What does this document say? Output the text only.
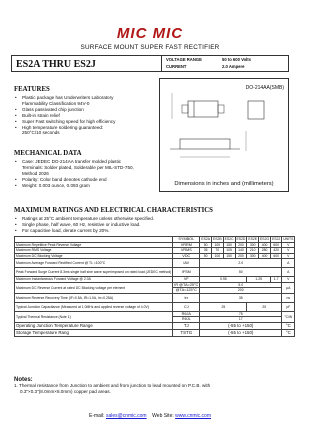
MIC MIC
SURFACE MOUNT SUPER FAST RECTIFIER
ES2A THRU ES2J	VOLTAGE RANGE	50 to 600 Volts
CURRENT	2.0 Ampere
FEATURES
• Plastic package has Underwriters Laboratory
Flammability Classification 94V-0
• Glass passivated chip junction
• Built-in strain relief
• Super Fast switching speed for high efficiency
• High temperature soldering guaranteed:
250°C/10 seconds
DO-214AA(SMB)
Dimensions in inches and (millimeters)
MECHANICAL DATA
• Case: JEDEC DO-214AA transfer molded plastic
Terminals: Solder plated, Solderable per MIL-STD-750,
Method 2026
• Polarity: Color band denotes cathode end
• Weight: 0.003 ounce, 0.093 gram
MAXIMUM RATINGS AND ELECTRICAL CHARACTERISTICS
• Ratings at 25°C ambient temperature unless otherwise specified.
• Single phase, half wave, 60 Hz, resistive or inductive load.
• For capacitive load, derate current by 20%.
	SYMBOL	ES2A	ES2B	ES2C	ES2D	ES2E	ES2G	ES2J	UNITS
Maximum Repetitive Peak Reverse Voltage	VRRM	50	100	150	200	300	400	600	V
Maximum RMS Voltage	VRMS	35	70	105	140	210	280	420	V
Maximum DC Blocking Voltage	VDC	50	100	150	200	300	400	600	V
Maximum Average Forward Rectified Current @ TL =100°C	IAV	2.0							A
Peak Forward Surge Current 8.3ms single half sine wave superimposed on rated load (JEDEC method)	IFSM	50							A
Maximum Instantaneous Forward Voltage @ 2.0A	VF	0.95				1.25		1.7	V
Maximum DC Reverse Current at rated DC Blocking voltage per element	IR @TA=25°C	5.0							µA
	@TA=125°C	200							
Maximum Reverse Recovery Time (IF=0.5A, IR=1.0A, Irr=0.25A)	trr	35							ns
Typical Junction Capacitance (Measured at 1.0MHz and applied reverse voltage of 4.0V)	CJ	25				20			pF
Typical Thermal Resistance (Note 1)	RθJA	75							°C/W
	RθJL	17							
Operating Junction Temperature Range	TJ	(-55 to +150)							°C
Storage Temperature Rang	TSTG	(-55 to +150)							°C
Notes:
1. Thermal resistance from Junction to ambient and from junction to lead mounted on P.C.B. with
0.3"×0.3"(8.0mm×8.0mm) copper pad areas.
E-mail: sales@cnmic.com Web Site: www.cnmic.com
